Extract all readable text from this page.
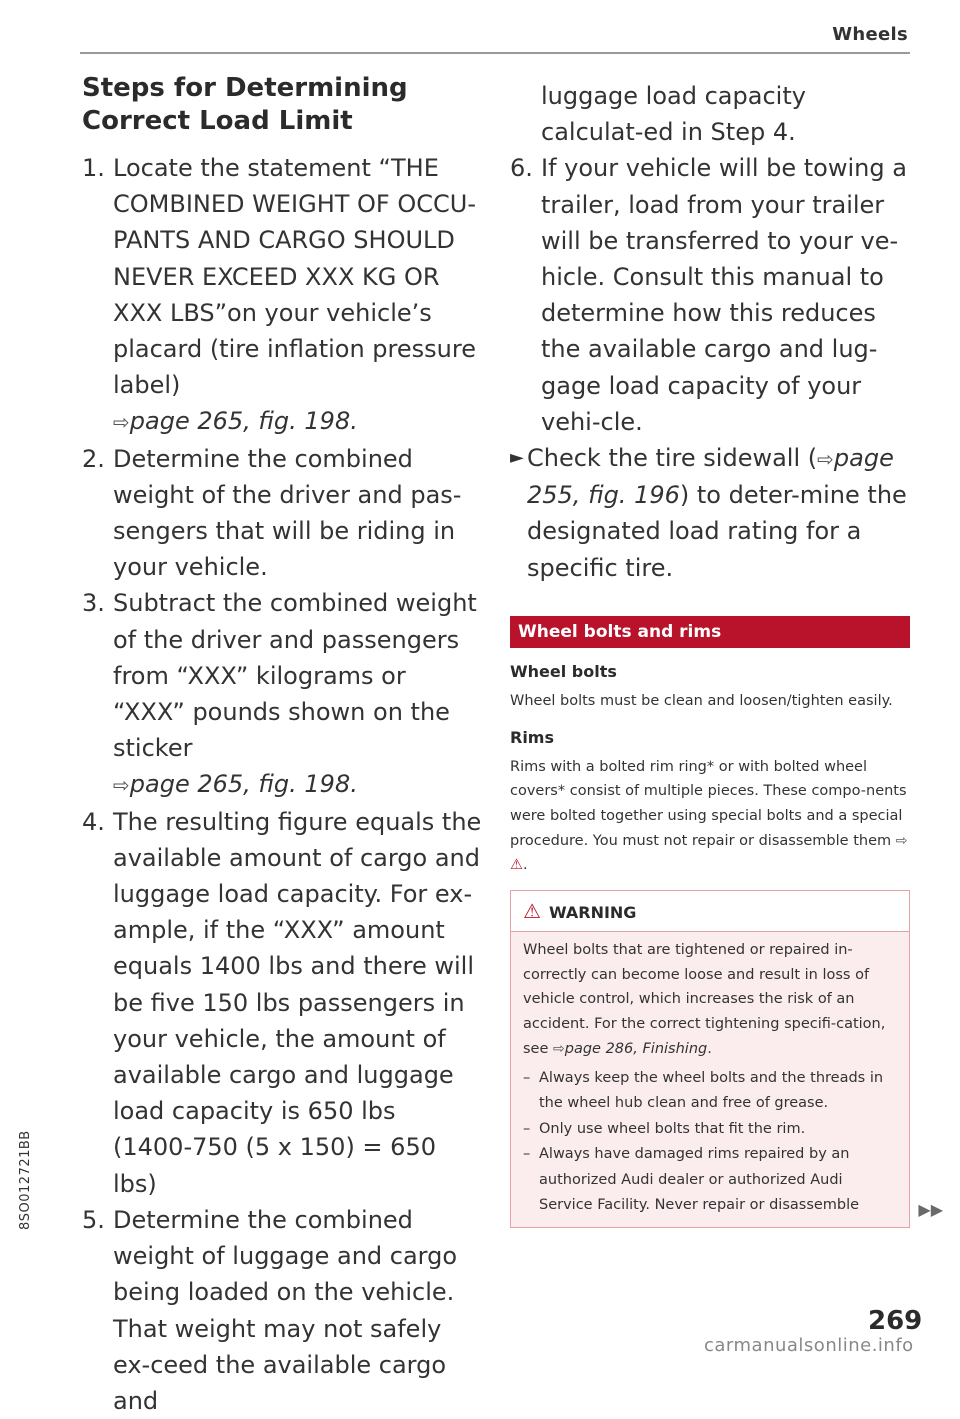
Wheels
8SO012721BB
Steps for Determining Correct Load Limit
1. Locate the statement “THE COMBINED WEIGHT OF OCCU-PANTS AND CARGO SHOULD NEVER EXCEED XXX KG OR XXX LBS”on your vehicle’s placard (tire inflation pressure label)
⇨page 265, fig. 198.
2. Determine the combined weight of the driver and pas-sengers that will be riding in your vehicle.
3. Subtract the combined weight of the driver and passengers from “XXX” kilograms or “XXX” pounds shown on the sticker
⇨page 265, fig. 198.
4. The resulting figure equals the available amount of cargo and luggage load capacity. For ex-ample, if the “XXX” amount equals 1400 lbs and there will be five 150 lbs passengers in your vehicle, the amount of available cargo and luggage load capacity is 650 lbs (1400-750 (5 x 150) = 650 lbs)
5. Determine the combined weight of luggage and cargo being loaded on the vehicle. That weight may not safely ex-ceed the available cargo and
luggage load capacity calculat-ed in Step 4.
6. If your vehicle will be towing a trailer, load from your trailer will be transferred to your ve-hicle. Consult this manual to determine how this reduces the available cargo and lug-gage load capacity of your vehi-cle.
► Check the tire sidewall (⇨page 255, fig. 196) to deter-mine the designated load rating for a specific tire.
Wheel bolts and rims
Wheel bolts
Wheel bolts must be clean and loosen/tighten easily.
Rims
Rims with a bolted rim ring* or with bolted wheel covers* consist of multiple pieces. These compo-nents were bolted together using special bolts and a special procedure. You must not repair or disassemble them ⇨ ⚠.
⚠ WARNING

Wheel bolts that are tightened or repaired in-correctly can become loose and result in loss of vehicle control, which increases the risk of an accident. For the correct tightening specifi-cation, see ⇨page 286, Finishing.

– Always keep the wheel bolts and the threads in the wheel hub clean and free of grease.
– Only use wheel bolts that fit the rim.
– Always have damaged rims repaired by an authorized Audi dealer or authorized Audi Service Facility. Never repair or disassemble	▶▶
269
carmanualsonline.info
